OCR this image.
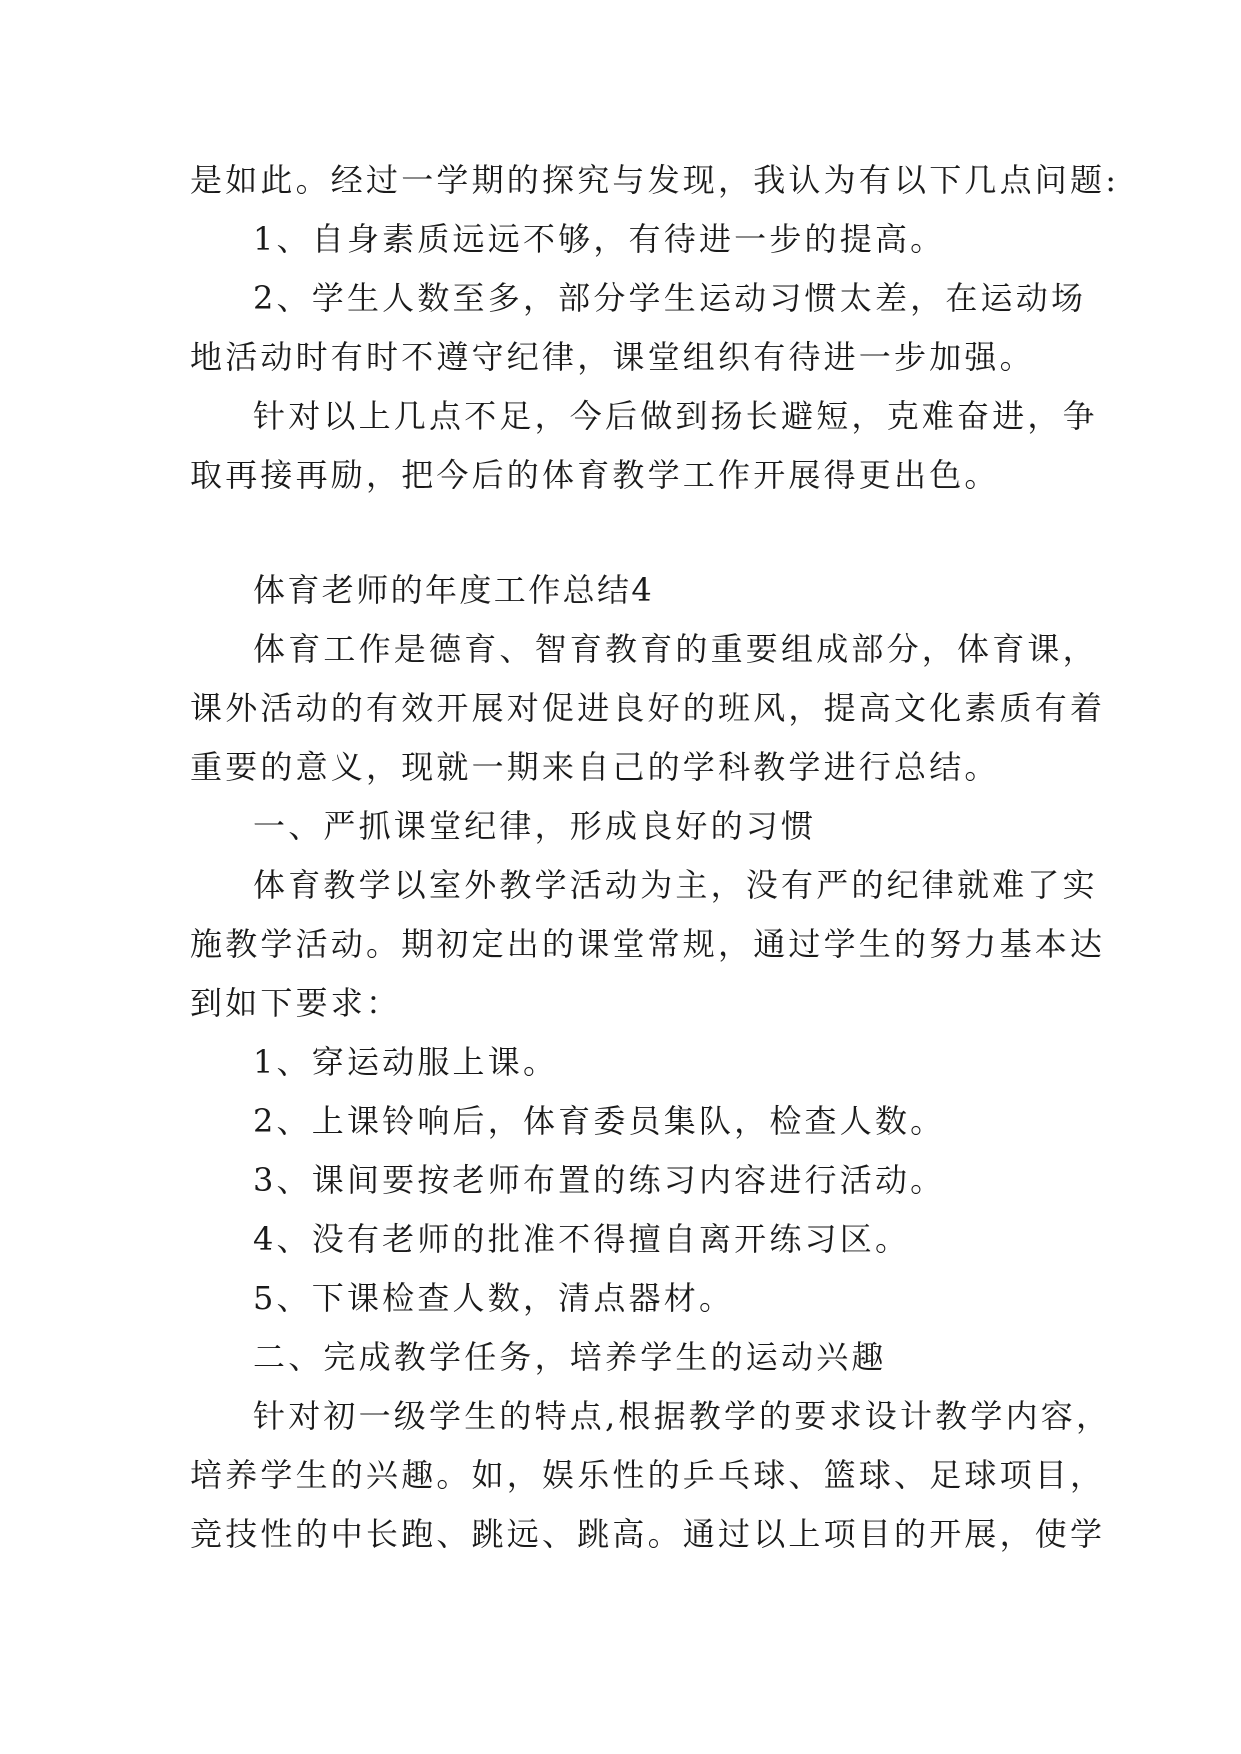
是如此。经过一学期的探究与发现，我认为有以下几点问题:
1、自身素质远远不够，有待进一步的提高。
2、学生人数至多，部分学生运动习惯太差，在运动场
地活动时有时不遵守纪律，课堂组织有待进一步加强。
针对以上几点不足，今后做到扬长避短，克难奋进，争
取再接再励，把今后的体育教学工作开展得更出色。
体育老师的年度工作总结4
体育工作是德育、智育教育的重要组成部分，体育课，
课外活动的有效开展对促进良好的班风，提高文化素质有着
重要的意义，现就一期来自己的学科教学进行总结。
一、严抓课堂纪律，形成良好的习惯
体育教学以室外教学活动为主，没有严的纪律就难了实
施教学活动。期初定出的课堂常规，通过学生的努力基本达
到如下要求：
1、穿运动服上课。
2、上课铃响后，体育委员集队，检查人数。
3、课间要按老师布置的练习内容进行活动。
4、没有老师的批准不得擅自离开练习区。
5、下课检查人数，清点器材。
二、完成教学任务，培养学生的运动兴趣
针对初一级学生的特点,根据教学的要求设计教学内容，
培养学生的兴趣。如，娱乐性的乒乓球、篮球、足球项目，
竞技性的中长跑、跳远、跳高。通过以上项目的开展，使学
